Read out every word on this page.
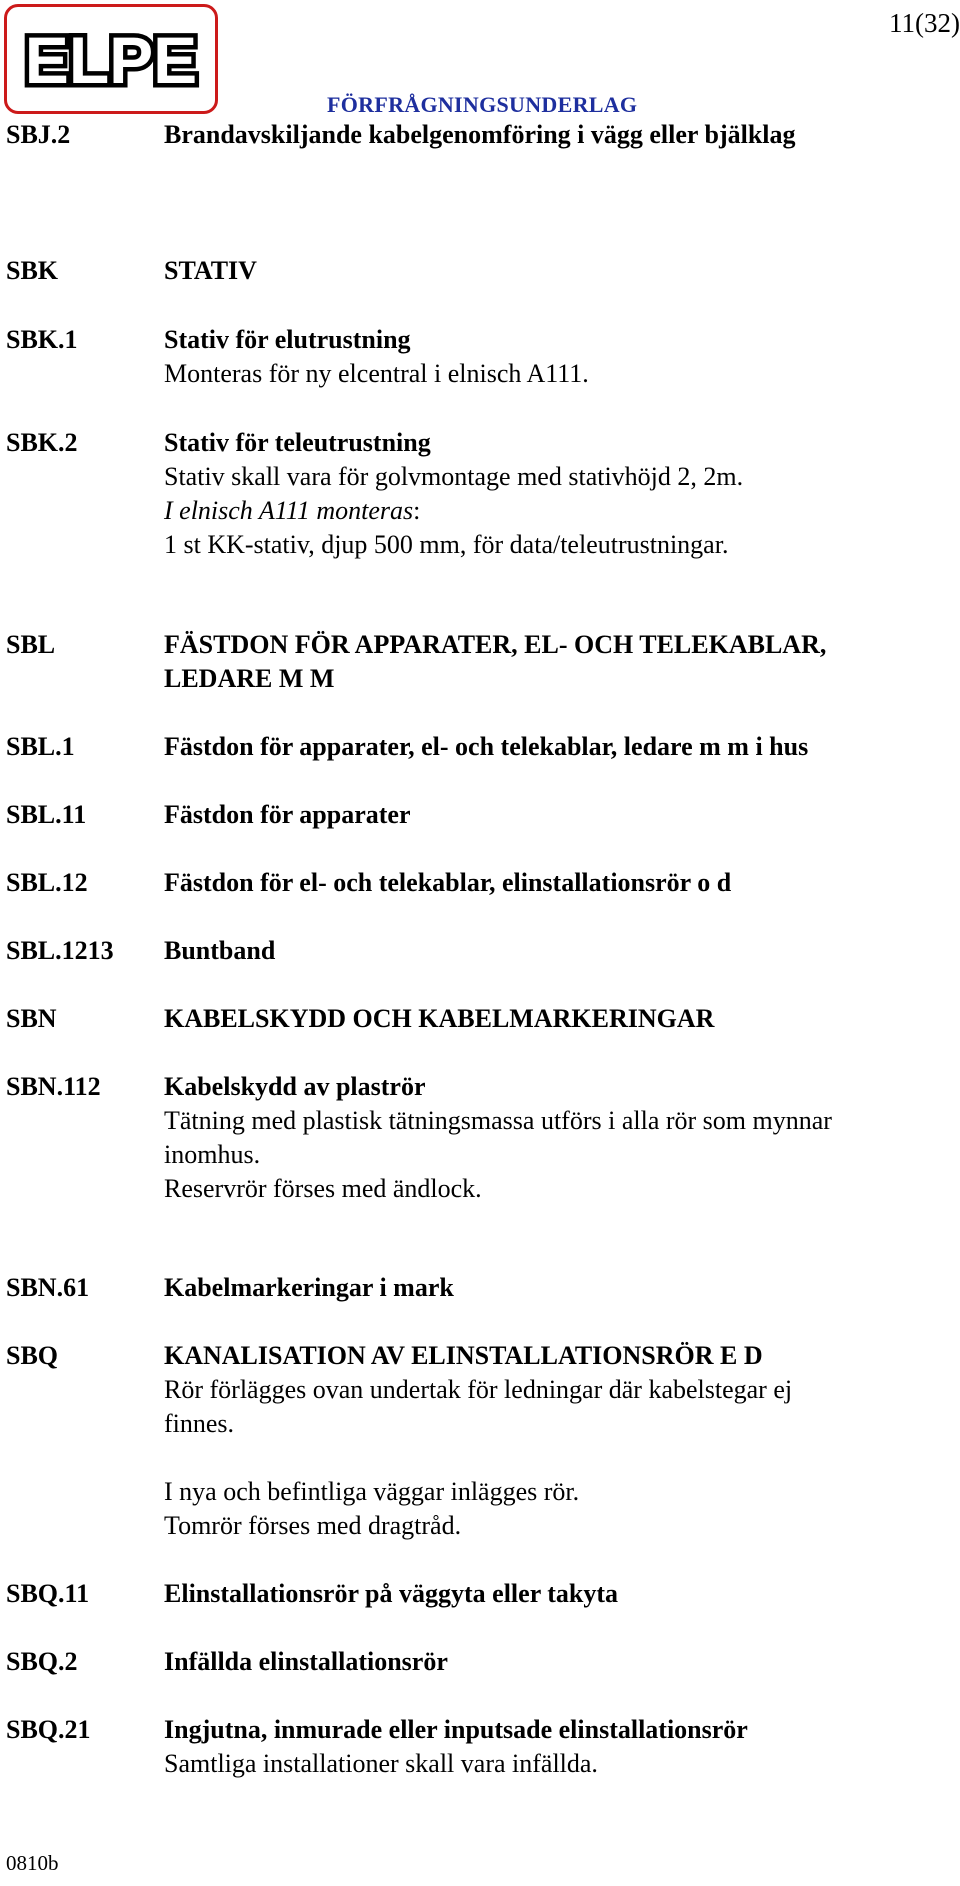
ELPE	11(32)
FÖRFRÅGNINGSUNDERLAG
SBJ.2	Brandavskiljande kabelgenomföring i vägg eller bjälklag
SBK	STATIV
SBK.1	Stativ för elutrustning
Monteras för ny elcentral i elnisch A111.
SBK.2	Stativ för teleutrustning
Stativ skall vara för golvmontage med stativhöjd 2, 2m.
I elnisch A111 monteras:
1 st KK-stativ, djup 500 mm, för data/teleutrustningar.
SBL	FÄSTDON FÖR APPARATER, EL- OCH TELEKABLAR,
LEDARE M M
SBL.1	Fästdon för apparater, el- och telekablar, ledare m m i hus
SBL.11	Fästdon för apparater
SBL.12	Fästdon för el- och telekablar, elinstallationsrör o d
SBL.1213 Buntband
SBN	KABELSKYDD OCH KABELMARKERINGAR
SBN.112 Kabelskydd av plaströr
Tätning med plastisk tätningsmassa utförs i alla rör som mynnar
inomhus.
Reservrör förses med ändlock.
SBN.61	Kabelmarkeringar i mark
SBQ	KANALISATION AV ELINSTALLATIONSRÖR E D
Rör förlägges ovan undertak för ledningar där kabelstegar ej
finnes.
I nya och befintliga väggar inlägges rör.
Tomrör förses med dragtråd.
SBQ.11	Elinstallationsrör på väggyta eller takyta
SBQ.2	Infällda elinstallationsrör
SBQ.21	Ingjutna, inmurade eller inputsade elinstallationsrör
Samtliga installationer skall vara infällda.
0810b
